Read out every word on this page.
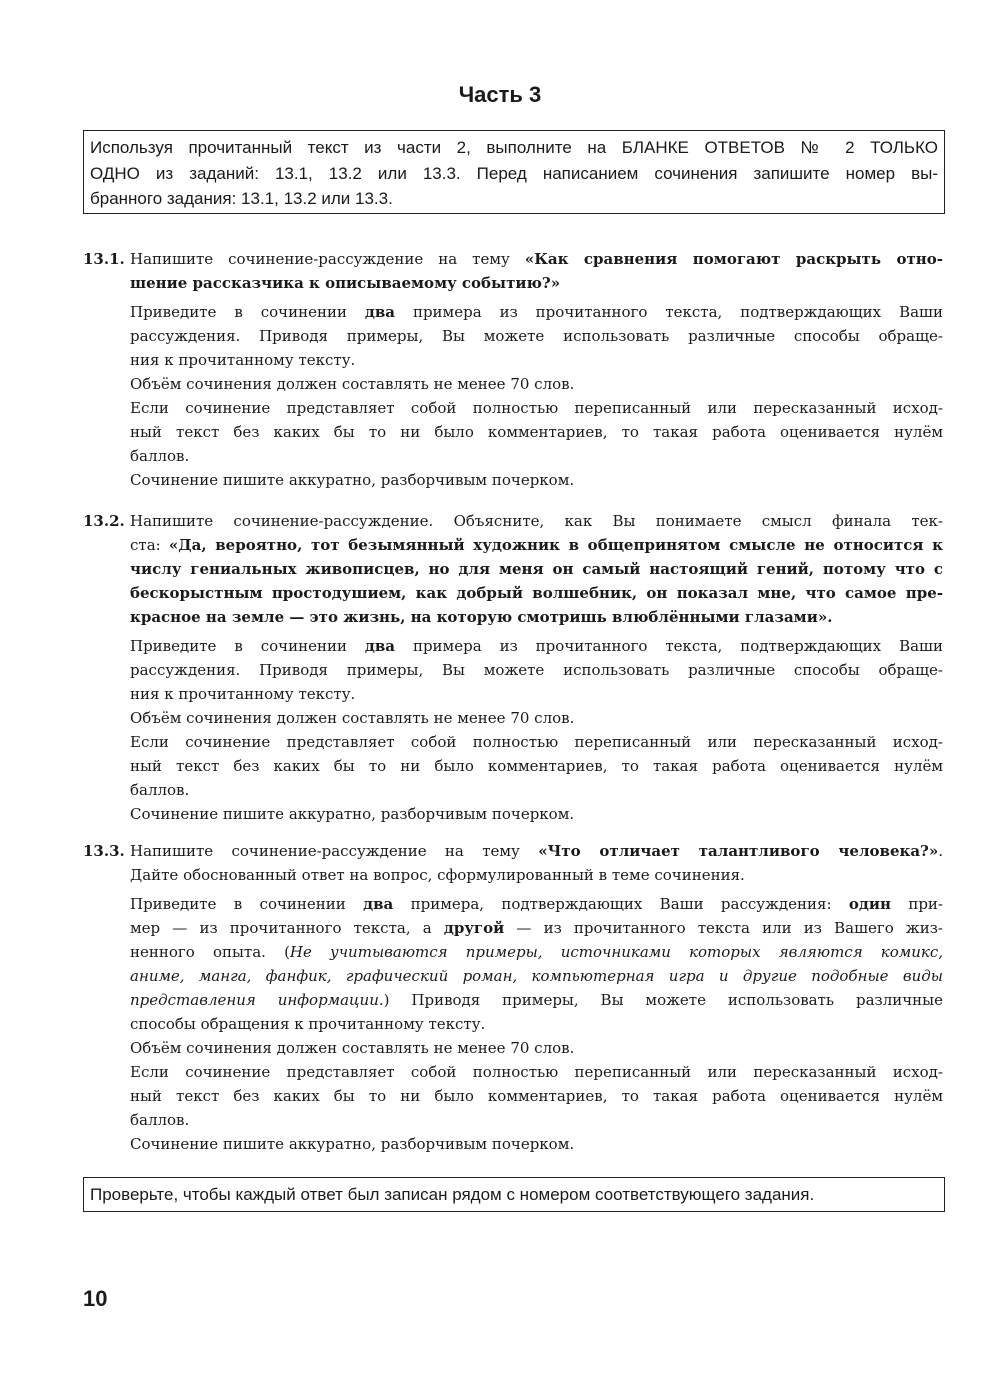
Часть 3
Используя прочитанный текст из части 2, выполните на БЛАНКЕ ОТВЕТОВ № 2 ТОЛЬКО
ОДНО из заданий: 13.1, 13.2 или 13.3. Перед написанием сочинения запишите номер вы-
бранного задания: 13.1, 13.2 или 13.3.
13.1. Напишите сочинение-рассуждение на тему «Как сравнения помогают раскрыть отно-
шение рассказчика к описываемому событию?»
Приведите в сочинении два примера из прочитанного текста, подтверждающих Ваши
рассуждения. Приводя примеры, Вы можете использовать различные способы обраще-
ния к прочитанному тексту.
Объём сочинения должен составлять не менее 70 слов.
Если сочинение представляет собой полностью переписанный или пересказанный исход-
ный текст без каких бы то ни было комментариев, то такая работа оценивается нулём
баллов.
Сочинение пишите аккуратно, разборчивым почерком.
13.2. Напишите сочинение-рассуждение. Объясните, как Вы понимаете смысл финала тек-
ста: «Да, вероятно, тот безымянный художник в общепринятом смысле не относится к
числу гениальных живописцев, но для меня он самый настоящий гений, потому что с
бескорыстным простодушием, как добрый волшебник, он показал мне, что самое пре-
красное на земле — это жизнь, на которую смотришь влюблёнными глазами».
Приведите в сочинении два примера из прочитанного текста, подтверждающих Ваши
рассуждения. Приводя примеры, Вы можете использовать различные способы обраще-
ния к прочитанному тексту.
Объём сочинения должен составлять не менее 70 слов.
Если сочинение представляет собой полностью переписанный или пересказанный исход-
ный текст без каких бы то ни было комментариев, то такая работа оценивается нулём
баллов.
Сочинение пишите аккуратно, разборчивым почерком.
13.3. Напишите сочинение-рассуждение на тему «Что отличает талантливого человека?».
Дайте обоснованный ответ на вопрос, сформулированный в теме сочинения.
Приведите в сочинении два примера, подтверждающих Ваши рассуждения: один при-
мер — из прочитанного текста, а другой — из прочитанного текста или из Вашего жиз-
ненного опыта. (Не учитываются примеры, источниками которых являются комикс,
аниме, манга, фанфик, графический роман, компьютерная игра и другие подобные виды
представления информации.) Приводя примеры, Вы можете использовать различные
способы обращения к прочитанному тексту.
Объём сочинения должен составлять не менее 70 слов.
Если сочинение представляет собой полностью переписанный или пересказанный исход-
ный текст без каких бы то ни было комментариев, то такая работа оценивается нулём
баллов.
Сочинение пишите аккуратно, разборчивым почерком.
Проверьте, чтобы каждый ответ был записан рядом с номером соответствующего задания.
10
